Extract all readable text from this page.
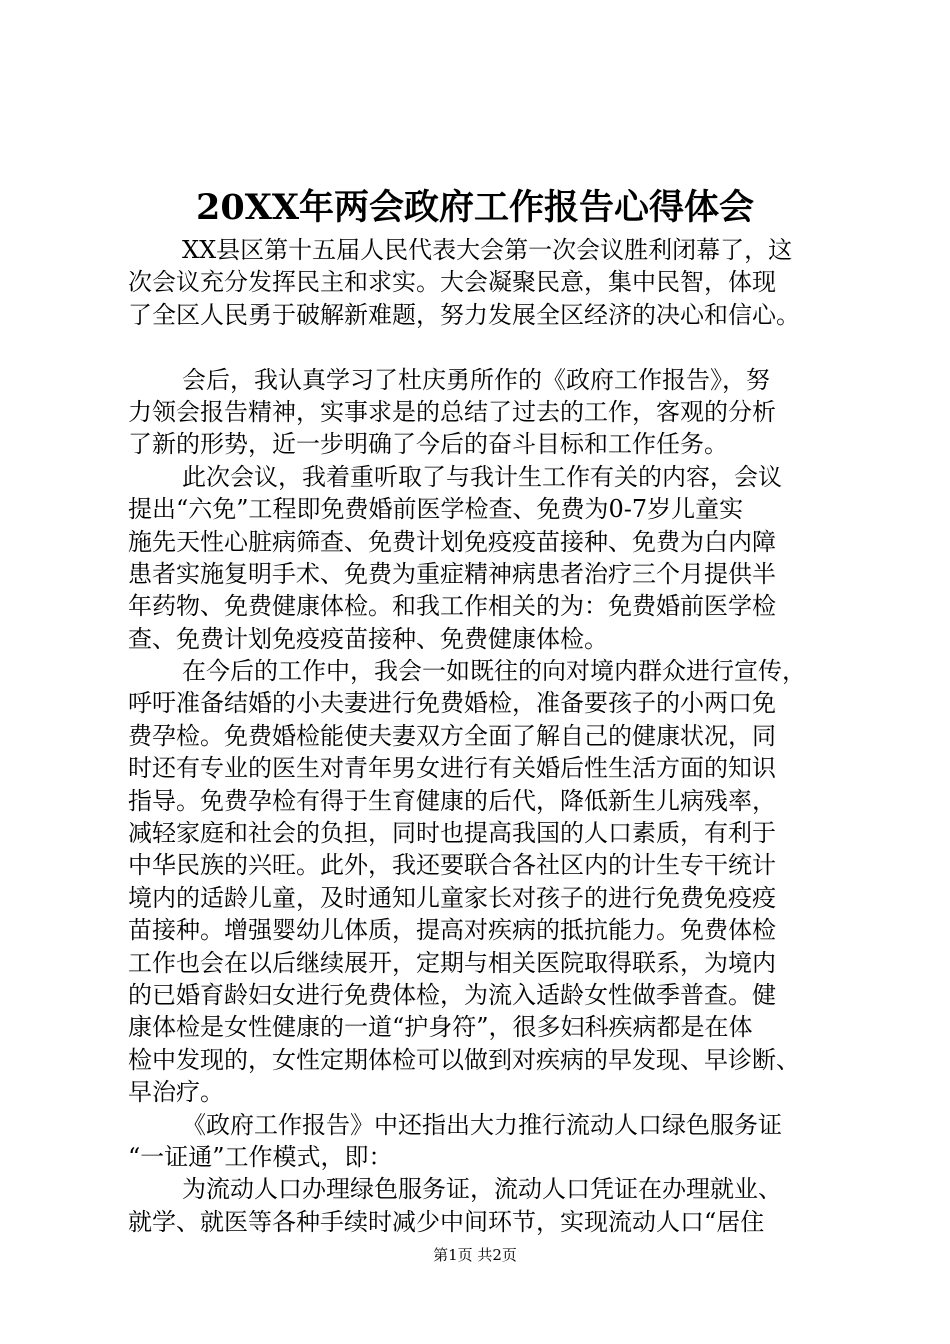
20XX年两会政府工作报告心得体会
XX县区第十五届人民代表大会第一次会议胜利闭幕了，这
次会议充分发挥民主和求实。大会凝聚民意，集中民智，体现
了全区人民勇于破解新难题，努力发展全区经济的决心和信心。
会后，我认真学习了杜庆勇所作的《政府工作报告》，努
力领会报告精神，实事求是的总结了过去的工作，客观的分析
了新的形势，近一步明确了今后的奋斗目标和工作任务。
此次会议，我着重听取了与我计生工作有关的内容，会议
提出“六免”工程即免费婚前医学检查、免费为0-7岁儿童实
施先天性心脏病筛查、免费计划免疫疫苗接种、免费为白内障
患者实施复明手术、免费为重症精神病患者治疗三个月提供半
年药物、免费健康体检。和我工作相关的为：免费婚前医学检
查、免费计划免疫疫苗接种、免费健康体检。
在今后的工作中，我会一如既往的向对境内群众进行宣传，
呼吁准备结婚的小夫妻进行免费婚检，准备要孩子的小两口免
费孕检。免费婚检能使夫妻双方全面了解自己的健康状况，同
时还有专业的医生对青年男女进行有关婚后性生活方面的知识
指导。免费孕检有得于生育健康的后代，降低新生儿病残率，
减轻家庭和社会的负担，同时也提高我国的人口素质，有利于
中华民族的兴旺。此外，我还要联合各社区内的计生专干统计
境内的适龄儿童，及时通知儿童家长对孩子的进行免费免疫疫
苗接种。增强婴幼儿体质，提高对疾病的抵抗能力。免费体检
工作也会在以后继续展开，定期与相关医院取得联系，为境内
的已婚育龄妇女进行免费体检，为流入适龄女性做季普查。健
康体检是女性健康的一道“护身符”，很多妇科疾病都是在体
检中发现的，女性定期体检可以做到对疾病的早发现、早诊断、
早治疗。
《政府工作报告》中还指出大力推行流动人口绿色服务证
“一证通”工作模式，即：
为流动人口办理绿色服务证，流动人口凭证在办理就业、
就学、就医等各种手续时减少中间环节，实现流动人口“居住
第1页 共2页
